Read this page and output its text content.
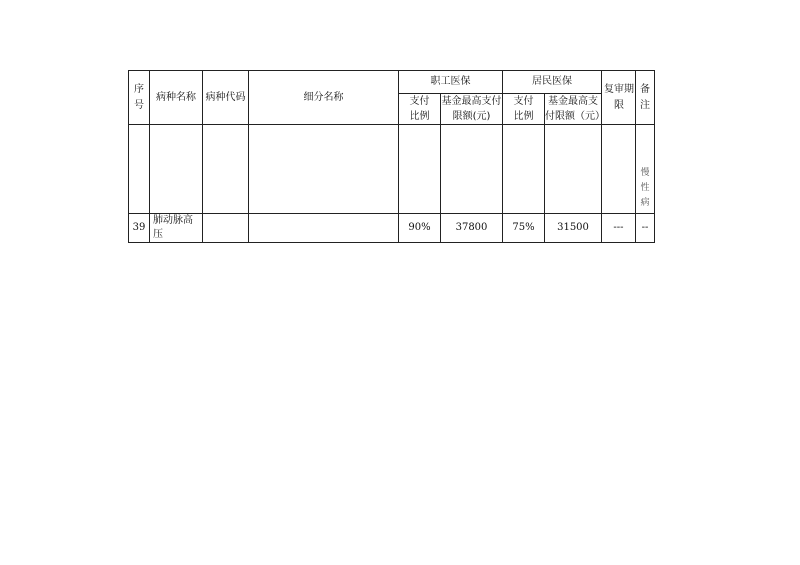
序号	病种名称	病种代码	细分名称	职工医保		居民医保		复审期限	备注
				支付比例	基金最高支付限额(元)	支付比例	基金最高支付限额（元）		
									慢性病
39	肺动脉高压			90%	37800	75%	31500	---	--
